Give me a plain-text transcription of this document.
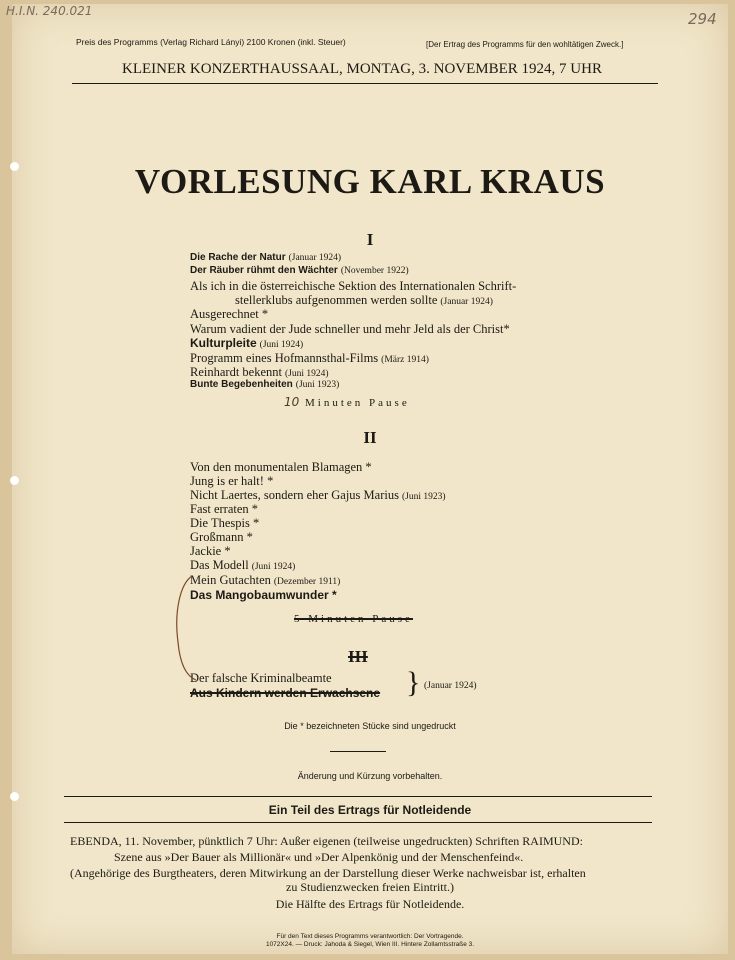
H.I.N. 240.021	294
Preis des Programms (Verlag Richard Lányi) 2100 Kronen (inkl. Steuer)	[Der Ertrag des Programms für den wohltätigen Zweck.]
KLEINER KONZERTHAUSSAAL, MONTAG, 3. NOVEMBER 1924, 7 UHR
VORLESUNG KARL KRAUS
I
Die Rache der Natur (Januar 1924)
Der Räuber rühmt den Wächter (November 1922)
Als ich in die österreichische Sektion des Internationalen Schrift-
stellerklubs aufgenommen werden sollte (Januar 1924)
Ausgerechnet *
Warum vadient der Jude schneller und mehr Jeld als der Christ*
Kulturpleite (Juni 1924)
Programm eines Hofmannsthal-Films (März 1914)
Reinhardt bekennt (Juni 1924)
Bunte Begebenheiten (Juni 1923)
10 Minuten Pause
II
Von den monumentalen Blamagen *
Jung is er halt! *
Nicht Laertes, sondern eher Gajus Marius (Juni 1923)
Fast erraten *
Die Thespis *
Großmann *
Jackie *
Das Modell (Juni 1924)
Mein Gutachten (Dezember 1911)
Das Mangobaumwunder *
5 Minuten Pause
III
Der falsche Kriminalbeamte
Aus Kindern werden Erwachsene } (Januar 1924)
Die * bezeichneten Stücke sind ungedruckt
Änderung und Kürzung vorbehalten.
Ein Teil des Ertrags für Notleidende
EBENDA, 11. November, pünktlich 7 Uhr: Außer eigenen (teilweise ungedruckten) Schriften RAIMUND:
Szene aus »Der Bauer als Millionär« und »Der Alpenkönig und der Menschenfeind«.
(Angehörige des Burgtheaters, deren Mitwirkung an der Darstellung dieser Werke nachweisbar ist, erhalten
zu Studienzwecken freien Eintritt.)
Die Hälfte des Ertrags für Notleidende.
Für den Text dieses Programms verantwortlich: Der Vortragende.
1072X24. — Druck: Jahoda & Siegel, Wien III. Hintere Zollamtsstraße 3.
